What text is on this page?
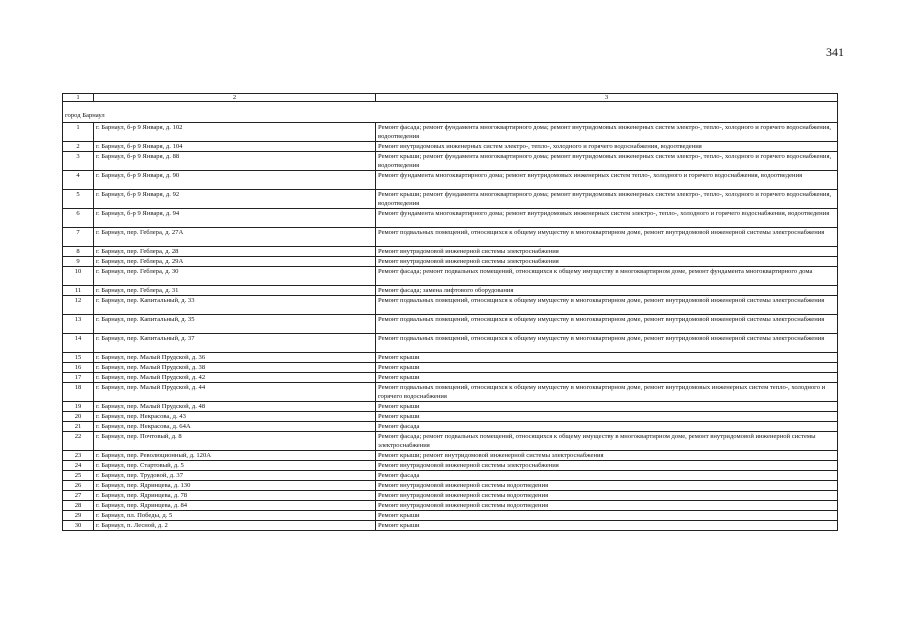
341
1	2	3

город Барнаул		
1	г. Барнаул, б-р 9 Января, д. 102	Ремонт фасада; ремонт фундамента многоквартирного дома; ремонт внутридомовых инженерных систем электро-, тепло-, холодного и горячего водоснабжения, водоотведения
2	г. Барнаул, б-р 9 Января, д. 104	Ремонт внутридомовых инженерных систем электро-, тепло-, холодного и горячего водоснабжения, водоотведения
3	г. Барнаул, б-р 9 Января, д. 88	Ремонт крыши; ремонт фундамента многоквартирного дома; ремонт внутридомовых инженерных систем электро-, тепло-, холодного и горячего водоснабжения, водоотведения
4	г. Барнаул, б-р 9 Января, д. 90	Ремонт фундамента многоквартирного дома; ремонт внутридомовых инженерных систем тепло-, холодного и горячего водоснабжения, водоотведения
5	г. Барнаул, б-р 9 Января, д. 92	Ремонт крыши; ремонт фундамента многоквартирного дома; ремонт внутридомовых инженерных систем электро-, тепло-, холодного и горячего водоснабжения, водоотведения
6	г. Барнаул, б-р 9 Января, д. 94	Ремонт фундамента многоквартирного дома; ремонт внутридомовых инженерных систем электро-, тепло-, холодного и горячего водоснабжения, водоотведения
7	г. Барнаул, пер. Геблера, д. 27А	Ремонт подвальных помещений, относящихся к общему имуществу в многоквартирном доме, ремонт внутридомовой инженерной системы электроснабжения
8	г. Барнаул, пер. Геблера, д. 28	Ремонт внутридомовой инженерной системы электроснабжения
9	г. Барнаул, пер. Геблера, д. 29А	Ремонт внутридомовой инженерной системы электроснабжения
10	г. Барнаул, пер. Геблера, д. 30	Ремонт фасада; ремонт подвальных помещений, относящихся к общему имуществу в многоквартирном доме, ремонт фундамента многоквартирного дома
11	г. Барнаул, пер. Геблера, д. 31	Ремонт фасада; замена лифтового оборудования
12	г. Барнаул, пер. Капитальный, д. 33	Ремонт подвальных помещений, относящихся к общему имуществу в многоквартирном доме, ремонт внутридомовой инженерной системы электроснабжения
13	г. Барнаул, пер. Капитальный, д. 35	Ремонт подвальных помещений, относящихся к общему имуществу в многоквартирном доме, ремонт внутридомовой инженерной системы электроснабжения
14	г. Барнаул, пер. Капитальный, д. 37	Ремонт подвальных помещений, относящихся к общему имуществу в многоквартирном доме, ремонт внутридомовой инженерной системы электроснабжения
15	г. Барнаул, пер. Малый Прудской, д. 36	Ремонт крыши
16	г. Барнаул, пер. Малый Прудской, д. 38	Ремонт крыши
17	г. Барнаул, пер. Малый Прудской, д. 42	Ремонт крыши
18	г. Барнаул, пер. Малый Прудской, д. 44	Ремонт подвальных помещений, относящихся к общему имуществу в многоквартирном доме, ремонт внутридомовых инженерных систем тепло-, холодного и горячего водоснабжения
19	г. Барнаул, пер. Малый Прудской, д. 48	Ремонт крыши
20	г. Барнаул, пер. Некрасова, д. 43	Ремонт крыши
21	г. Барнаул, пер. Некрасова, д. 64А	Ремонт фасада
22	г. Барнаул, пер. Почтовый, д. 8	Ремонт фасада; ремонт подвальных помещений, относящихся к общему имуществу в многоквартирном доме, ремонт внутридомовой инженерной системы электроснабжения
23	г. Барнаул, пер. Революционный, д. 120А	Ремонт крыши; ремонт внутридомовой инженерной системы электроснабжения
24	г. Барнаул, пер. Стартовый, д. 5	Ремонт внутридомовой инженерной системы электроснабжения
25	г. Барнаул, пер. Трудовой, д. 37	Ремонт фасада
26	г. Барнаул, пер. Ядринцева, д. 130	Ремонт внутридомовой инженерной системы водоотведения
27	г. Барнаул, пер. Ядринцева, д. 78	Ремонт внутридомовой инженерной системы водоотведения
28	г. Барнаул, пер. Ядринцева, д. 84	Ремонт внутридомовой инженерной системы водоотведения
29	г. Барнаул, пл. Победы, д. 5	Ремонт крыши
30	г. Барнаул, п. Лесной, д. 2	Ремонт крыши
